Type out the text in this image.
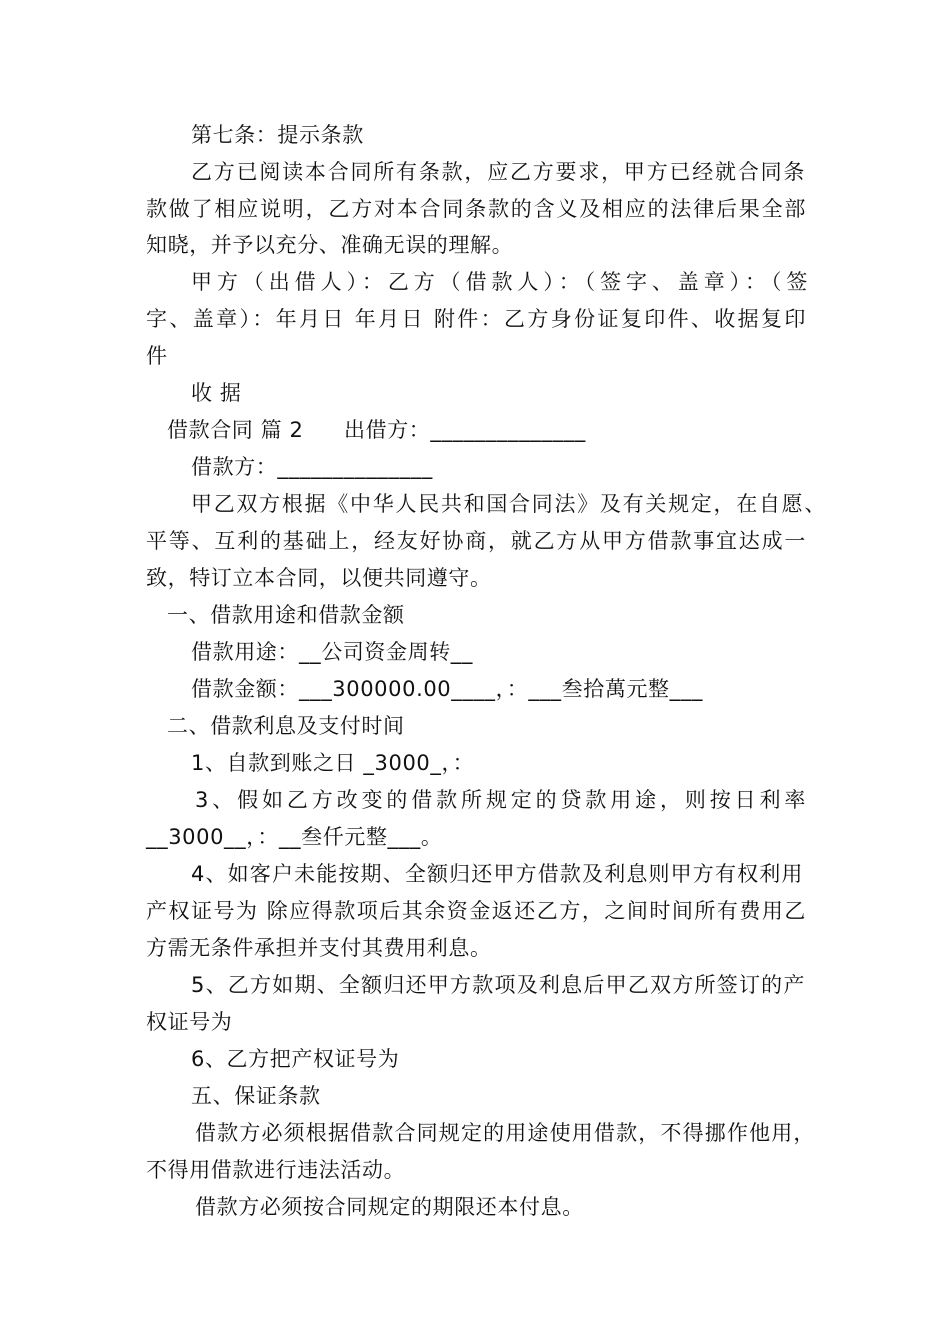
第七条：提示条款
乙方已阅读本合同所有条款，应乙方要求，甲方已经就合同条
款做了相应说明，乙方对本合同条款的含义及相应的法律后果全部
知晓，并予以充分、准确无误的理解。
甲方（出借人）：乙方（借款人）：（签字、盖章）：（签
字、盖章）：年月日 年月日 附件：乙方身份证复印件、收据复印
件
收 据
借款合同 篇 2 出借方：______________
借款方：______________
甲乙双方根据《中华人民共和国合同法》及有关规定，在自愿、
平等、互利的基础上，经友好协商，就乙方从甲方借款事宜达成一
致，特订立本合同，以便共同遵守。
一、借款用途和借款金额
借款用途：__公司资金周转__
借款金额：___300000.00____，：___叁拾萬元整___
二、借款利息及支付时间
1、自款到账之日 _3000_，：
3、假如乙方改变的借款所规定的贷款用途，则按日利率
__3000__，：__叁仟元整___。
4、如客户未能按期、全额归还甲方借款及利息则甲方有权利用
产权证号为 除应得款项后其余资金返还乙方，之间时间所有费用乙
方需无条件承担并支付其费用利息。
5、乙方如期、全额归还甲方款项及利息后甲乙双方所签订的产
权证号为
6、乙方把产权证号为
五、保证条款
借款方必须根据借款合同规定的用途使用借款，不得挪作他用，
不得用借款进行违法活动。
借款方必须按合同规定的期限还本付息。
